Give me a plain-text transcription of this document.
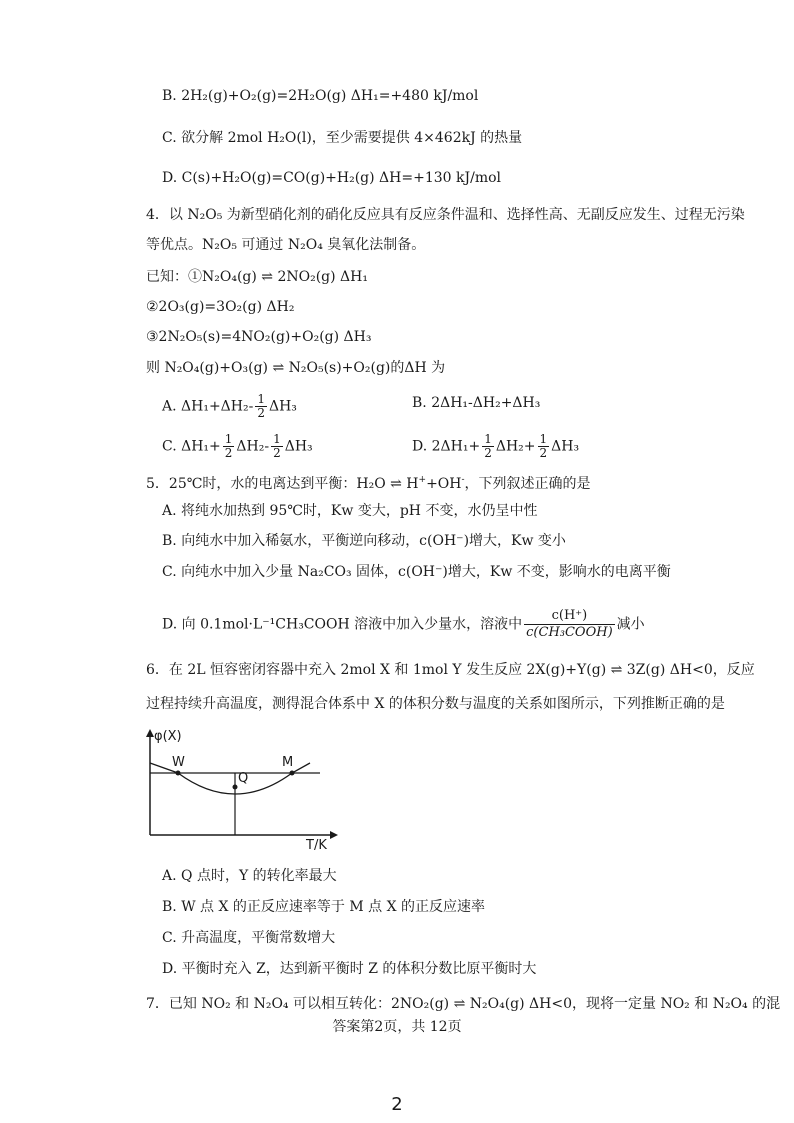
B. 2H₂(g)+O₂(g)=2H₂O(g) ΔH₁=+480 kJ/mol
C. 欲分解 2mol H₂O(l)，至少需要提供 4×462kJ 的热量
D. C(s)+H₂O(g)=CO(g)+H₂(g) ΔH=+130 kJ/mol
4．以 N₂O₅ 为新型硝化剂的硝化反应具有反应条件温和、选择性高、无副反应发生、过程无污染
等优点。N₂O₅ 可通过 N₂O₄ 臭氧化法制备。
已知：①N₂O₄(g) ⇌ 2NO₂(g) ΔH₁
②2O₃(g)=3O₂(g) ΔH₂
③2N₂O₅(s)=4NO₂(g)+O₂(g) ΔH₃
则 N₂O₄(g)+O₃(g) ⇌ N₂O₅(s)+O₂(g)的ΔH 为
A. $\Delta H_1+\Delta H_2- \frac{1}{2} \Delta H_3$	B. 2ΔH₁-ΔH₂+ΔH₃
C. $\Delta H_1+ \frac{1}{2} \Delta H_2- \frac{1}{2} \Delta H_3$	D. $2\Delta H_1+ \frac{1}{2} \Delta H_2+ \frac{1}{2} \Delta H_3$
5．25℃时，水的电离达到平衡：H₂O ⇌ H++OH-，下列叙述正确的是
A. 将纯水加热到 95℃时，Kw 变大，pH 不变，水仍呈中性
B. 向纯水中加入稀氨水，平衡逆向移动，c(OH⁻)增大，Kw 变小
C. 向纯水中加入少量 Na₂CO₃ 固体，c(OH⁻)增大，Kw 不变，影响水的电离平衡
D. 向 0.1mol·L⁻¹CH₃COOH 溶液中加入少量水，溶液中 $\frac{c(H^+)}{\text{c(CH₃COOH)}}$ 减小
6．在 2L 恒容密闭容器中充入 2mol X 和 1mol Y 发生反应 2X(g)+Y(g) ⇌ 3Z(g) ΔH<0，反应
过程持续升高温度，测得混合体系中 X 的体积分数与温度的关系如图所示，下列推断正确的是
φ(X)
T/K
W
Q
M
A. Q 点时，Y 的转化率最大
B. W 点 X 的正反应速率等于 M 点 X 的正反应速率
C. 升高温度，平衡常数增大
D. 平衡时充入 Z，达到新平衡时 Z 的体积分数比原平衡时大
7．已知 NO₂ 和 N₂O₄ 可以相互转化：2NO₂(g) ⇌ N₂O₄(g) ΔH<0，现将一定量 NO₂ 和 N₂O₄ 的混
答案第2页，共 12页
2
